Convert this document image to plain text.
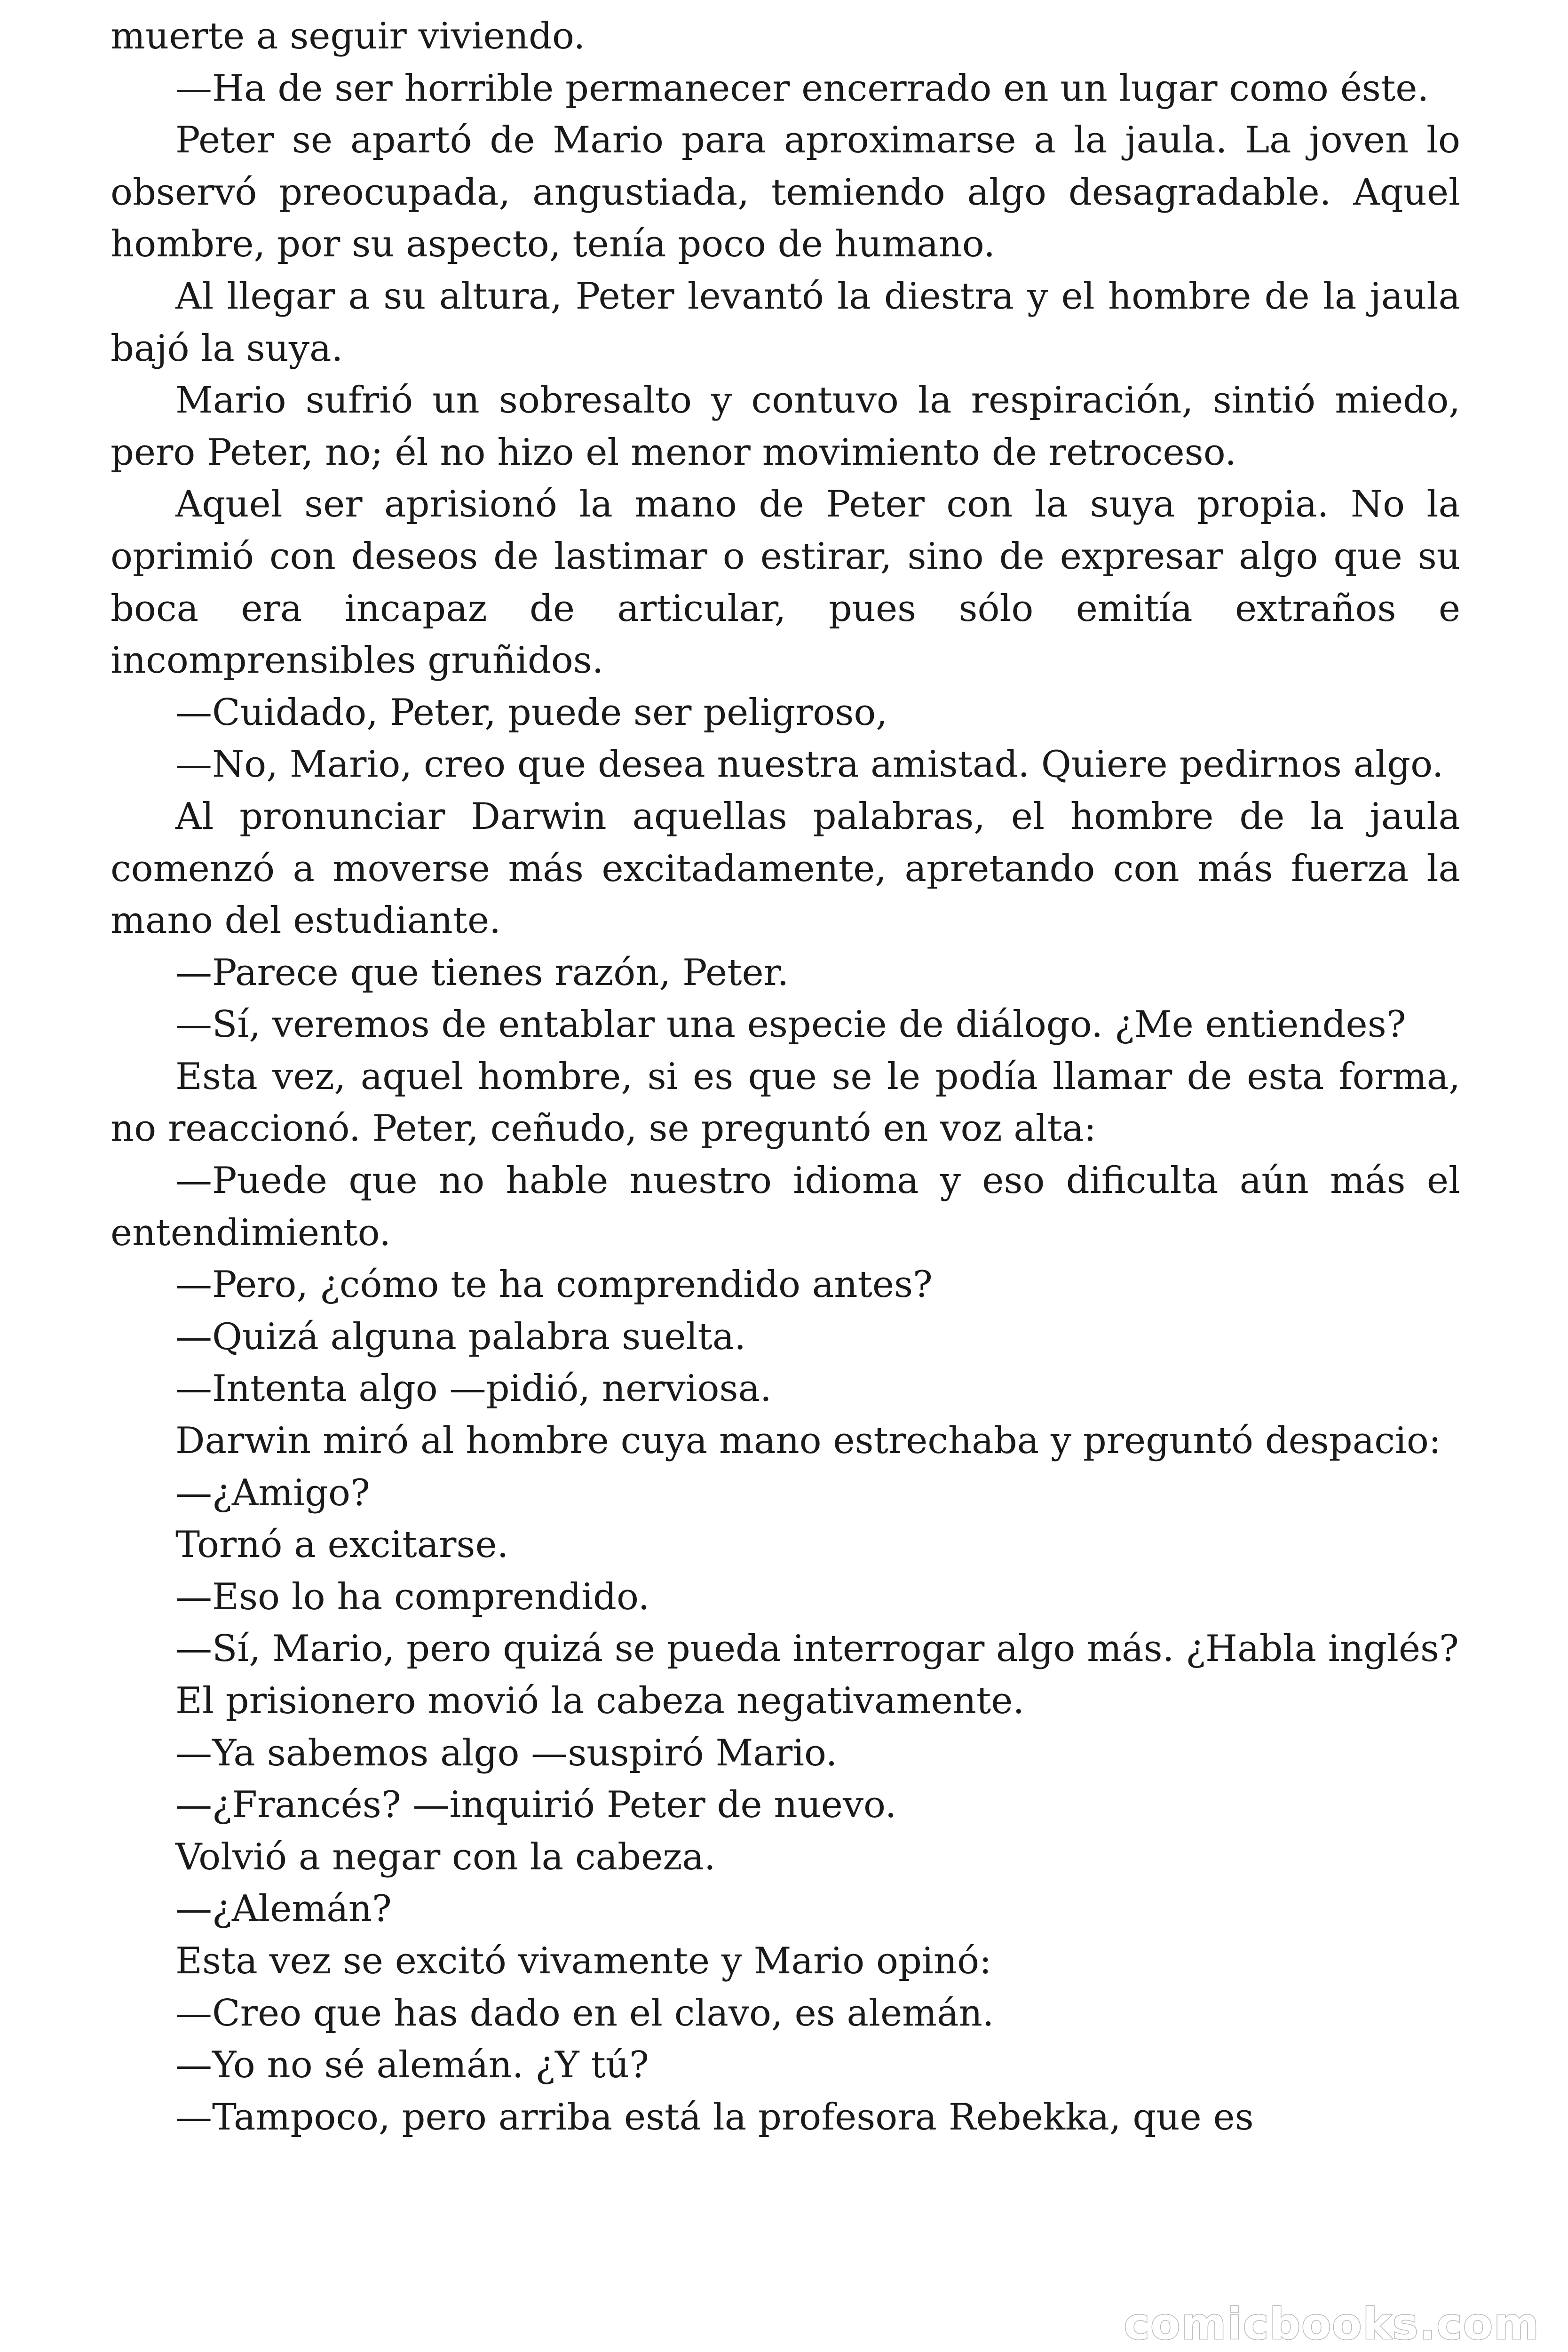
muerte a seguir viviendo.

—Ha de ser horrible permanecer encerrado en un lugar como éste.

Peter se apartó de Mario para aproximarse a la jaula. La joven lo observó preocupada, angustiada, temiendo algo desagradable. Aquel hombre, por su aspecto, tenía poco de humano.

Al llegar a su altura, Peter levantó la diestra y el hombre de la jaula bajó la suya.

Mario sufrió un sobresalto y contuvo la respiración, sintió miedo, pero Peter, no; él no hizo el menor movimiento de retroceso.

Aquel ser aprisionó la mano de Peter con la suya propia. No la oprimió con deseos de lastimar o estirar, sino de expresar algo que su boca era incapaz de articular, pues sólo emitía extraños e incomprensibles gruñidos.

—Cuidado, Peter, puede ser peligroso,

—No, Mario, creo que desea nuestra amistad. Quiere pedirnos algo.

Al pronunciar Darwin aquellas palabras, el hombre de la jaula comenzó a moverse más excitadamente, apretando con más fuerza la mano del estudiante.

—Parece que tienes razón, Peter.

—Sí, veremos de entablar una especie de diálogo. ¿Me entiendes?

Esta vez, aquel hombre, si es que se le podía llamar de esta forma, no reaccionó. Peter, ceñudo, se preguntó en voz alta:

—Puede que no hable nuestro idioma y eso dificulta aún más el entendimiento.

—Pero, ¿cómo te ha comprendido antes?

—Quizá alguna palabra suelta.

—Intenta algo —pidió, nerviosa.

Darwin miró al hombre cuya mano estrechaba y preguntó despacio:

—¿Amigo?

Tornó a excitarse.

—Eso lo ha comprendido.

—Sí, Mario, pero quizá se pueda interrogar algo más. ¿Habla inglés?

El prisionero movió la cabeza negativamente.

—Ya sabemos algo —suspiró Mario.

—¿Francés? —inquirió Peter de nuevo.

Volvió a negar con la cabeza.

—¿Alemán?

Esta vez se excitó vivamente y Mario opinó:

—Creo que has dado en el clavo, es alemán.

—Yo no sé alemán. ¿Y tú?

—Tampoco, pero arriba está la profesora Rebekka, que es

comicbooks.com
